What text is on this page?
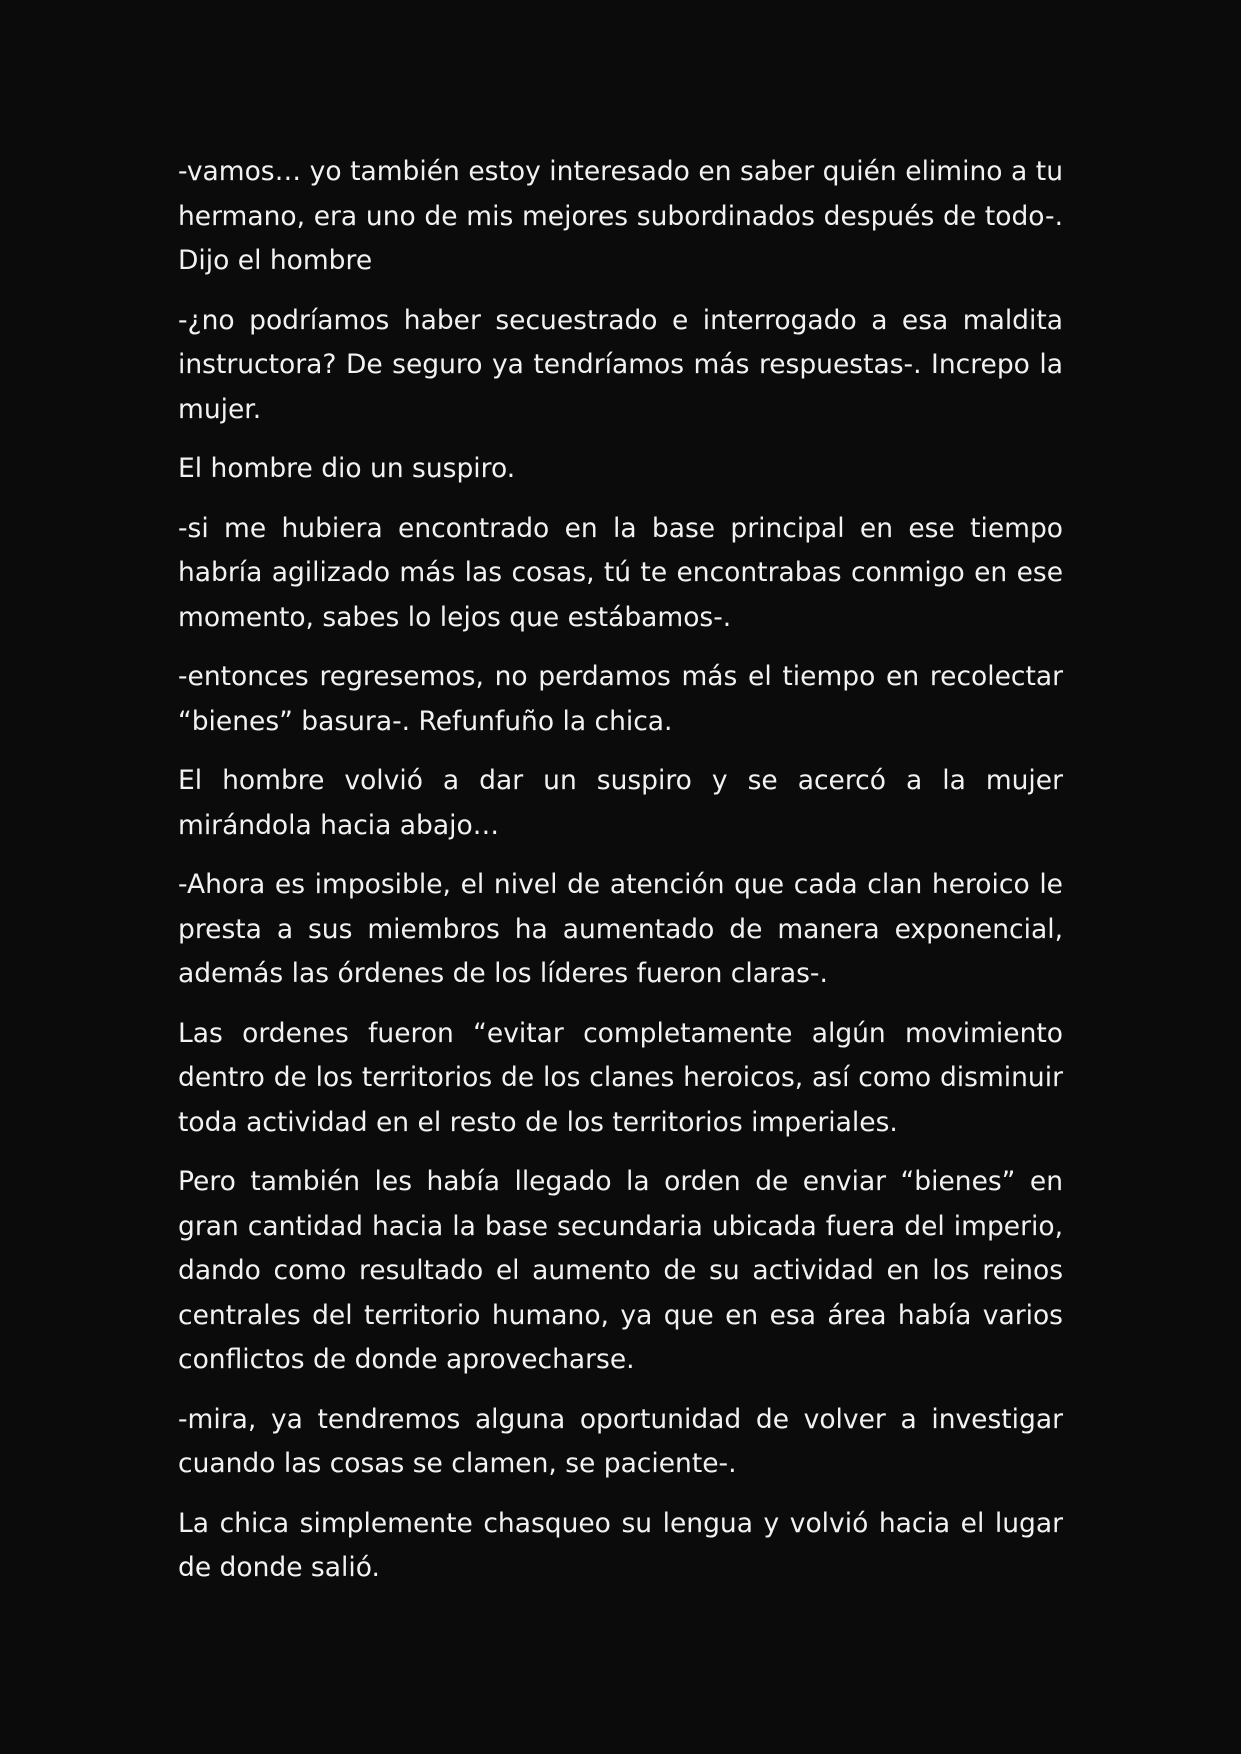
-vamos… yo también estoy interesado en saber quién elimino a tu hermano, era uno de mis mejores subordinados después de todo-. Dijo el hombre

-¿no podríamos haber secuestrado e interrogado a esa maldita instructora? De seguro ya tendríamos más respuestas-. Increpo la mujer.

El hombre dio un suspiro.

-si me hubiera encontrado en la base principal en ese tiempo habría agilizado más las cosas, tú te encontrabas conmigo en ese momento, sabes lo lejos que estábamos-.

-entonces regresemos, no perdamos más el tiempo en recolectar “bienes” basura-. Refunfuño la chica.

El hombre volvió a dar un suspiro y se acercó a la mujer mirándola hacia abajo…

-Ahora es imposible, el nivel de atención que cada clan heroico le presta a sus miembros ha aumentado de manera exponencial, además las órdenes de los líderes fueron claras-.

Las ordenes fueron “evitar completamente algún movimiento dentro de los territorios de los clanes heroicos, así como disminuir toda actividad en el resto de los territorios imperiales.

Pero también les había llegado la orden de enviar “bienes” en gran cantidad hacia la base secundaria ubicada fuera del imperio, dando como resultado el aumento de su actividad en los reinos centrales del territorio humano, ya que en esa área había varios conflictos de donde aprovecharse.

-mira, ya tendremos alguna oportunidad de volver a investigar cuando las cosas se clamen, se paciente-.

La chica simplemente chasqueo su lengua y volvió hacia el lugar de donde salió.
